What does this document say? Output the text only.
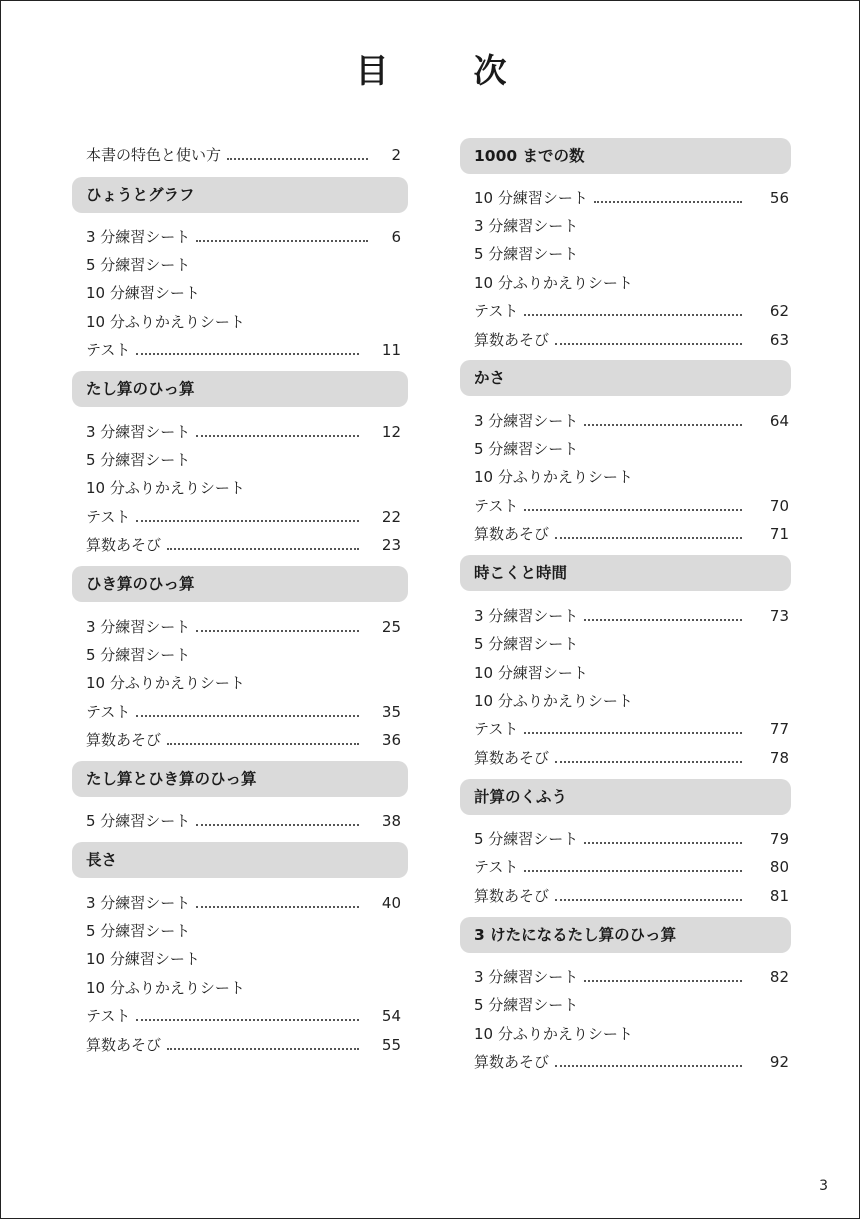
目　次
本書の特色と使い方	2
ひょうとグラフ
3 分練習シート	6
5 分練習シート
10 分練習シート
10 分ふりかえりシート
テスト	11
たし算のひっ算
3 分練習シート	12
5 分練習シート
10 分ふりかえりシート
テスト	22
算数あそび	23
ひき算のひっ算
3 分練習シート	25
5 分練習シート
10 分ふりかえりシート
テスト	35
算数あそび	36
たし算とひき算のひっ算
5 分練習シート	38
長さ
3 分練習シート	40
5 分練習シート
10 分練習シート
10 分ふりかえりシート
テスト	54
算数あそび	55
1000 までの数
10 分練習シート	56
3 分練習シート
5 分練習シート
10 分ふりかえりシート
テスト	62
算数あそび	63
かさ
3 分練習シート	64
5 分練習シート
10 分ふりかえりシート
テスト	70
算数あそび	71
時こくと時間
3 分練習シート	73
5 分練習シート
10 分練習シート
10 分ふりかえりシート
テスト	77
算数あそび	78
計算のくふう
5 分練習シート	79
テスト	80
算数あそび	81
3 けたになるたし算のひっ算
3 分練習シート	82
5 分練習シート
10 分ふりかえりシート
算数あそび	92
3
